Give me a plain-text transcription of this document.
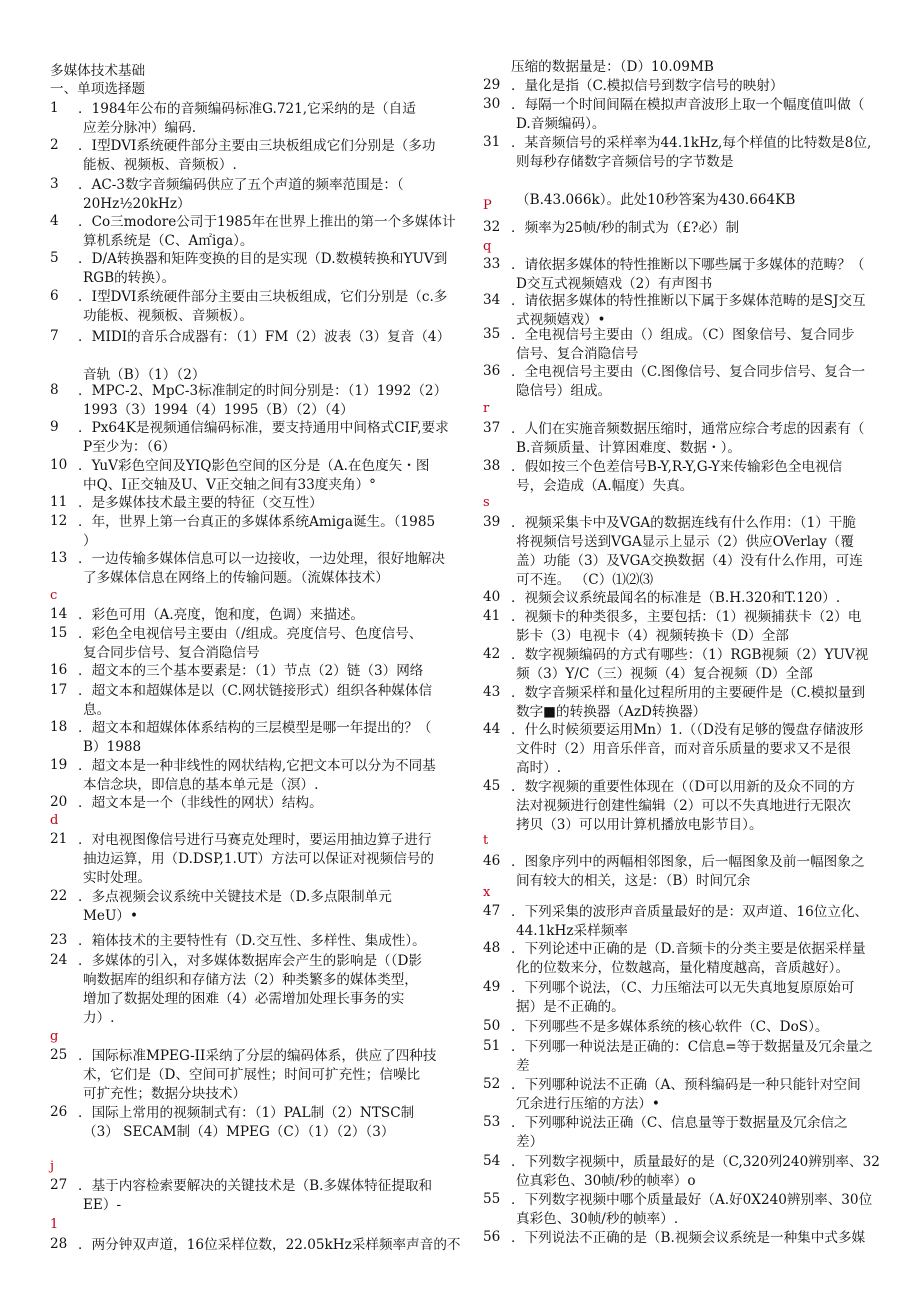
多媒体技术基础
一、单项选择题
1	．1984年公布的音频编码标准G.721,它采纳的是（自适
应差分脉冲）编码.
2	．I型DVI系统硬件部分主要由三块板组成它们分别是（多功
能板、视频板、音频板）.
3	．AC-3数字音频编码供应了五个声道的频率范围是：（
20Hz½20kHz）
4	．Co三modore公司于1985年在世界上推出的第一个多媒体计
算机系统是（C、A㎡iga）。
5	．D/A转换器和矩阵变换的目的是实现（D.数模转换和YUV到
RGB的转换）。
6	．I型DVI系统硬件部分主要由三块板组成，它们分别是（c.多
功能板、视频板、音频板）。
7	．MIDI的音乐合成器有：（1）FM（2）波表（3）复音（4）
音轨（B）（1）（2）
8	．MPC-2、MpC-3标准制定的时间分别是：（1）1992（2）
1993（3）1994（4）1995（B）（2）（4）
9	．Px64K是视频通信编码标准，要支持通用中间格式CIF,要求
P至少为：（6）
10 ．YuV彩色空间及YIQ影色空间的区分是（A.在色度矢・图
中Q、I正交轴及U、V正交轴之间有33度夹角）°
11 ．是多媒体技术最主要的特征（交互性）
12 ．年，世界上第一台真正的多媒体系统Amiga诞生。（1985
）
13 ．一边传输多媒体信息可以一边接收，一边处理，很好地解决
了多媒体信息在网络上的传输问题。（流媒体技术）
14 ．彩色可用（A.亮度，饱和度，色调）来描述。
15 ．彩色全电视信号主要由（/组成。亮度信号、色度信号、
复合同步信号、复合消隐信号
16 ．超文本的三个基本要素是：（1）节点（2）链（3）网络
17 ．超文本和超媒体是以（C.网状链接形式）组织各种媒体信
息。
18 ．超文本和超媒体体系结构的三层模型是哪一年提出的？（
B）1988
19 ．超文本是一种非线性的网状结构,它把文本可以分为不同基
本信念块，即信息的基本单元是（溟）.
20 ．超文本是一个（非线性的网状）结构。
21 ．对电视图像信号进行马赛克处理时，要运用抽边算子进行
抽边运算，用（D.DSP,1.UT）方法可以保证对视频信号的
实时处理。
22 ．多点视频会议系统中关键技术是（D.多点限制单元
MeU）•
23 ．箱体技术的主要特性有（D.交互性、多样性、集成性）。
24 ．多媒体的引入，对多媒体数据库会产生的影响是（（D影
响数据库的组织和存储方法（2）种类繁多的媒体类型，
增加了数据处理的困难（4）必需增加处理长事务的实
力）.
25 ．国际标准MPEG-II采纳了分层的编码体系，供应了四种技
术，它们是（D、空间可扩展性；时间可扩充性；信噪比
可扩充性；数据分块技术）
26 ．国际上常用的视频制式有：（1）PAL制（2）NTSC制
（3） SECAM制（4）MPEG（C）（1）（2）（3）
27 ．基于内容检索要解决的关键技术是（B.多媒体特征提取和
EE）-
28 ．两分钟双声道，16位采样位数，22.05kHz采样频率声音的不
c
d
g
j
1
压缩的数据量是：（D）10.09MB
29 ．量化是指（C.模拟信号到数字信号的映射）
30 ．每隔一个时间间隔在模拟声音波形上取一个幅度值叫做（
D.音频编码）。
31 ．某音频信号的采样率为44.1kHz,每个样值的比特数是8位,
则每秒存储数字音频信号的字节数是
（B.43.066k）。此处10秒答案为430.664KB
32 ．频率为25帧/秒的制式为（£?必）制
33 ．请依据多媒体的特性推断以下哪些属于多媒体的范畴？（
D交互式视频嬉戏（2）有声图书
34 ．请依据多媒体的特性推断以下属于多媒体范畴的是SJ交互
式视频嬉戏）•
35 ．全电视信号主要由（）组成。（C）图象信号、复合同步
信号、复合消隐信号
36 ．全电视信号主要由（C.图像信号、复合同步信号、复合一
隐信号）组成。
37 ．人们在实施音频数据压缩时，通常应综合考虑的因素有（
B.音频质量、计算困难度、数据・）。
38 ．假如按三个色差信号B-Y,R-Y,G-Y来传输彩色全电视信
号，会造成（A.幅度）失真。
39 ．视频采集卡中及VGA的数据连线有什么作用：（1）干脆
将视频信号送到VGA显示上显示（2）供应OVerlay（覆
盖）功能（3）及VGA交换数据（4）没有什么作用，可连
可不连。 （C）⑴⑵⑶
40 ．视频会议系统最闻名的标准是（B.H.320和T.120）.
41 ．视频卡的种类很多，主要包括：（1）视频捕获卡（2）电
影卡（3）电视卡（4）视频转换卡（D）全部
42 ．数字视频编码的方式有哪些：（1）RGB视频（2）YUV视
频（3）Y/C（三）视频（4）复合视频（D）全部
43 ．数字音频采样和量化过程所用的主要硬件是（C.模拟量到
数字■的转换器（AzD转换器）
44 ．什么时候须要运用Mn）1.（（D没有足够的馒盘存储波形
文件时（2）用音乐伴音，而对音乐质量的要求又不是很
高时）.
45 ．数字视频的重要性体现在（（D可以用新的及众不同的方
法对视频进行创建性编辑（2）可以不失真地进行无限次
拷贝（3）可以用计算机播放电影节目）。
46 ．图象序列中的两幅相邻图象，后一幅图象及前一幅图象之
间有较大的相关，这是：（B）时间冗余
47 ．下列采集的波形声音质量最好的是：双声道、16位立化、
44.1kHz采样频率
48 ．下列论述中正确的是（D.音频卡的分类主要是依据采样量
化的位数来分，位数越高，量化精度越高，音质越好）。
49 ．下列哪个说法，（C、力压缩法可以无失真地复原原始可
据）是不正确的。
50 ．下列哪些不是多媒体系统的核心软件（C、DoS）。
51 ．下列哪一种说法是正确的：C信息=等于数据量及冗余量之
差
52 ．下列哪种说法不正确（A、预科编码是一种只能针对空间
冗余进行压缩的方法）•
53 ．下列哪种说法正确（C、信息量等于数据量及冗余信之
差）
54 ．下列数字视频中，质量最好的是（C,320列240辨别率、32
位真彩色、30帧/秒的帧率）o
55 ．下列数字视频中哪个质量最好（A.好0X240辨别率、30位
真彩色、30帧/秒的帧率）.
56 ．下列说法不正确的是（B.视频会议系统是一种集中式多媒
P
q
r
s
t
x
